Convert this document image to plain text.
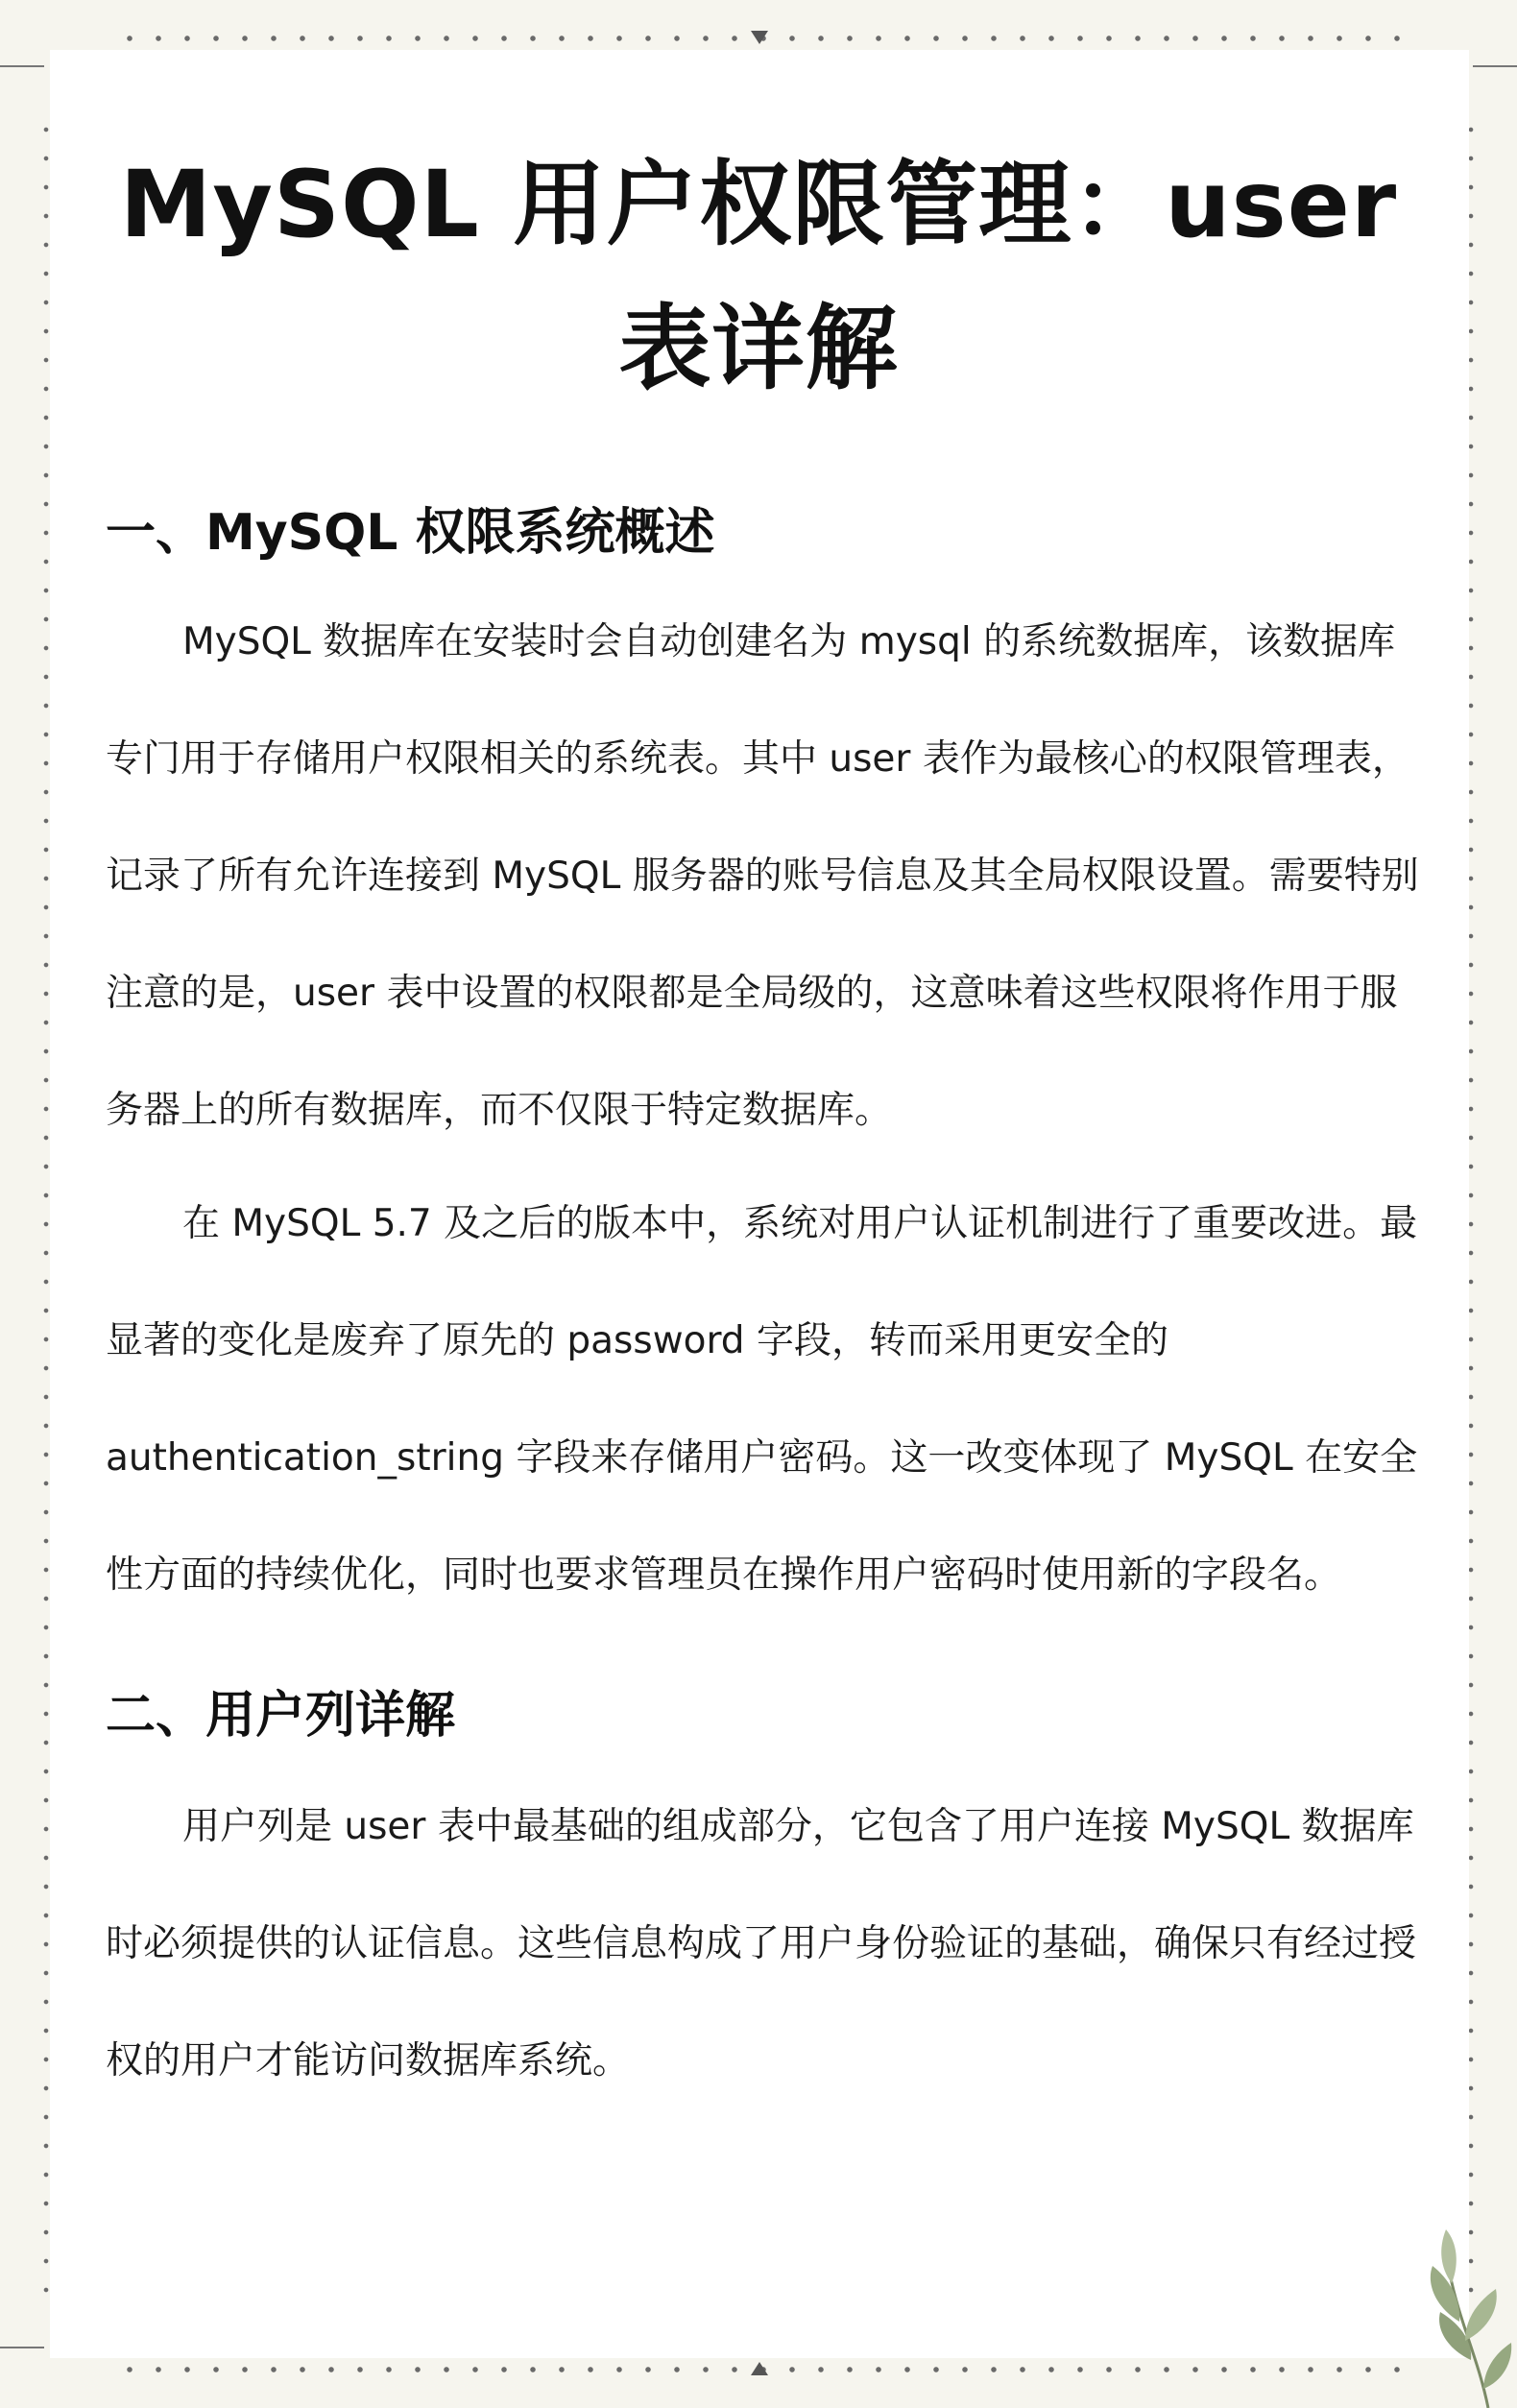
MySQL 用户权限管理：user 表详解
一、MySQL 权限系统概述

MySQL 数据库在安装时会自动创建名为 mysql 的系统数据库，该数据库专门用于存储用户权限相关的系统表。其中 user 表作为最核心的权限管理表，记录了所有允许连接到 MySQL 服务器的账号信息及其全局权限设置。需要特别注意的是，user 表中设置的权限都是全局级的，这意味着这些权限将作用于服务器上的所有数据库，而不仅限于特定数据库。

在 MySQL 5.7 及之后的版本中，系统对用户认证机制进行了重要改进。最显著的变化是废弃了原先的 password 字段，转而采用更安全的 authentication_string 字段来存储用户密码。这一改变体现了 MySQL 在安全性方面的持续优化，同时也要求管理员在操作用户密码时使用新的字段名。

二、用户列详解

用户列是 user 表中最基础的组成部分，它包含了用户连接 MySQL 数据库时必须提供的认证信息。这些信息构成了用户身份验证的基础，确保只有经过授权的用户才能访问数据库系统。
